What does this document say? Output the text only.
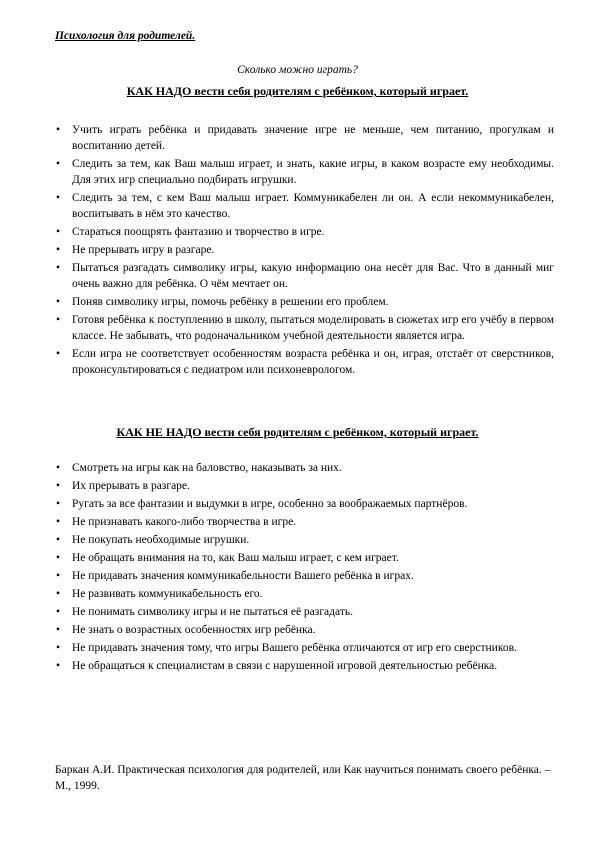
Психология для родителей.
Сколько можно играть?
КАК НАДО вести себя родителям с ребёнком, который играет.
• Учить играть ребёнка и придавать значение игре не меньше, чем питанию, прогулкам и воспитанию детей.
• Следить за тем, как Ваш малыш играет, и знать, какие игры, в каком возрасте ему необходимы. Для этих игр специально подбирать игрушки.
• Следить за тем, с кем Ваш малыш играет. Коммуникабелен ли он. А если некоммуникабелен, воспитывать в нём это качество.
• Стараться поощрять фантазию и творчество в игре.
• Не прерывать игру в разгаре.
• Пытаться разгадать символику игры, какую информацию она несёт для Вас. Что в данный миг очень важно для ребёнка. О чём мечтает он.
• Поняв символику игры, помочь ребёнку в решении его проблем.
• Готовя ребёнка к поступлению в школу, пытаться моделировать в сюжетах игр его учёбу в первом классе. Не забывать, что родоначальником учебной деятельности является игра.
• Если игра не соответствует особенностям возраста ребёнка и он, играя, отстаёт от сверстников, проконсультироваться с педиатром или психоневрологом.
КАК НЕ НАДО вести себя родителям с ребёнком, который играет.
• Смотреть на игры как на баловство, наказывать за них.
• Их прерывать в разгаре.
• Ругать за все фантазии и выдумки в игре, особенно за воображаемых партнёров.
• Не признавать какого-либо творчества в игре.
• Не покупать необходимые игрушки.
• Не обращать внимания на то, как Ваш малыш играет, с кем играет.
• Не придавать значения коммуникабельности Вашего ребёнка в играх.
• Не развивать коммуникабельность его.
• Не понимать символику игры и не пытаться её разгадать.
• Не знать о возрастных особенностях игр ребёнка.
• Не придавать значения тому, что игры Вашего ребёнка отличаются от игр его сверстников.
• Не обращаться к специалистам в связи с нарушенной игровой деятельностью ребёнка.
Баркан А.И. Практическая психология для родителей, или Как научиться понимать своего ребёнка. – М., 1999.
